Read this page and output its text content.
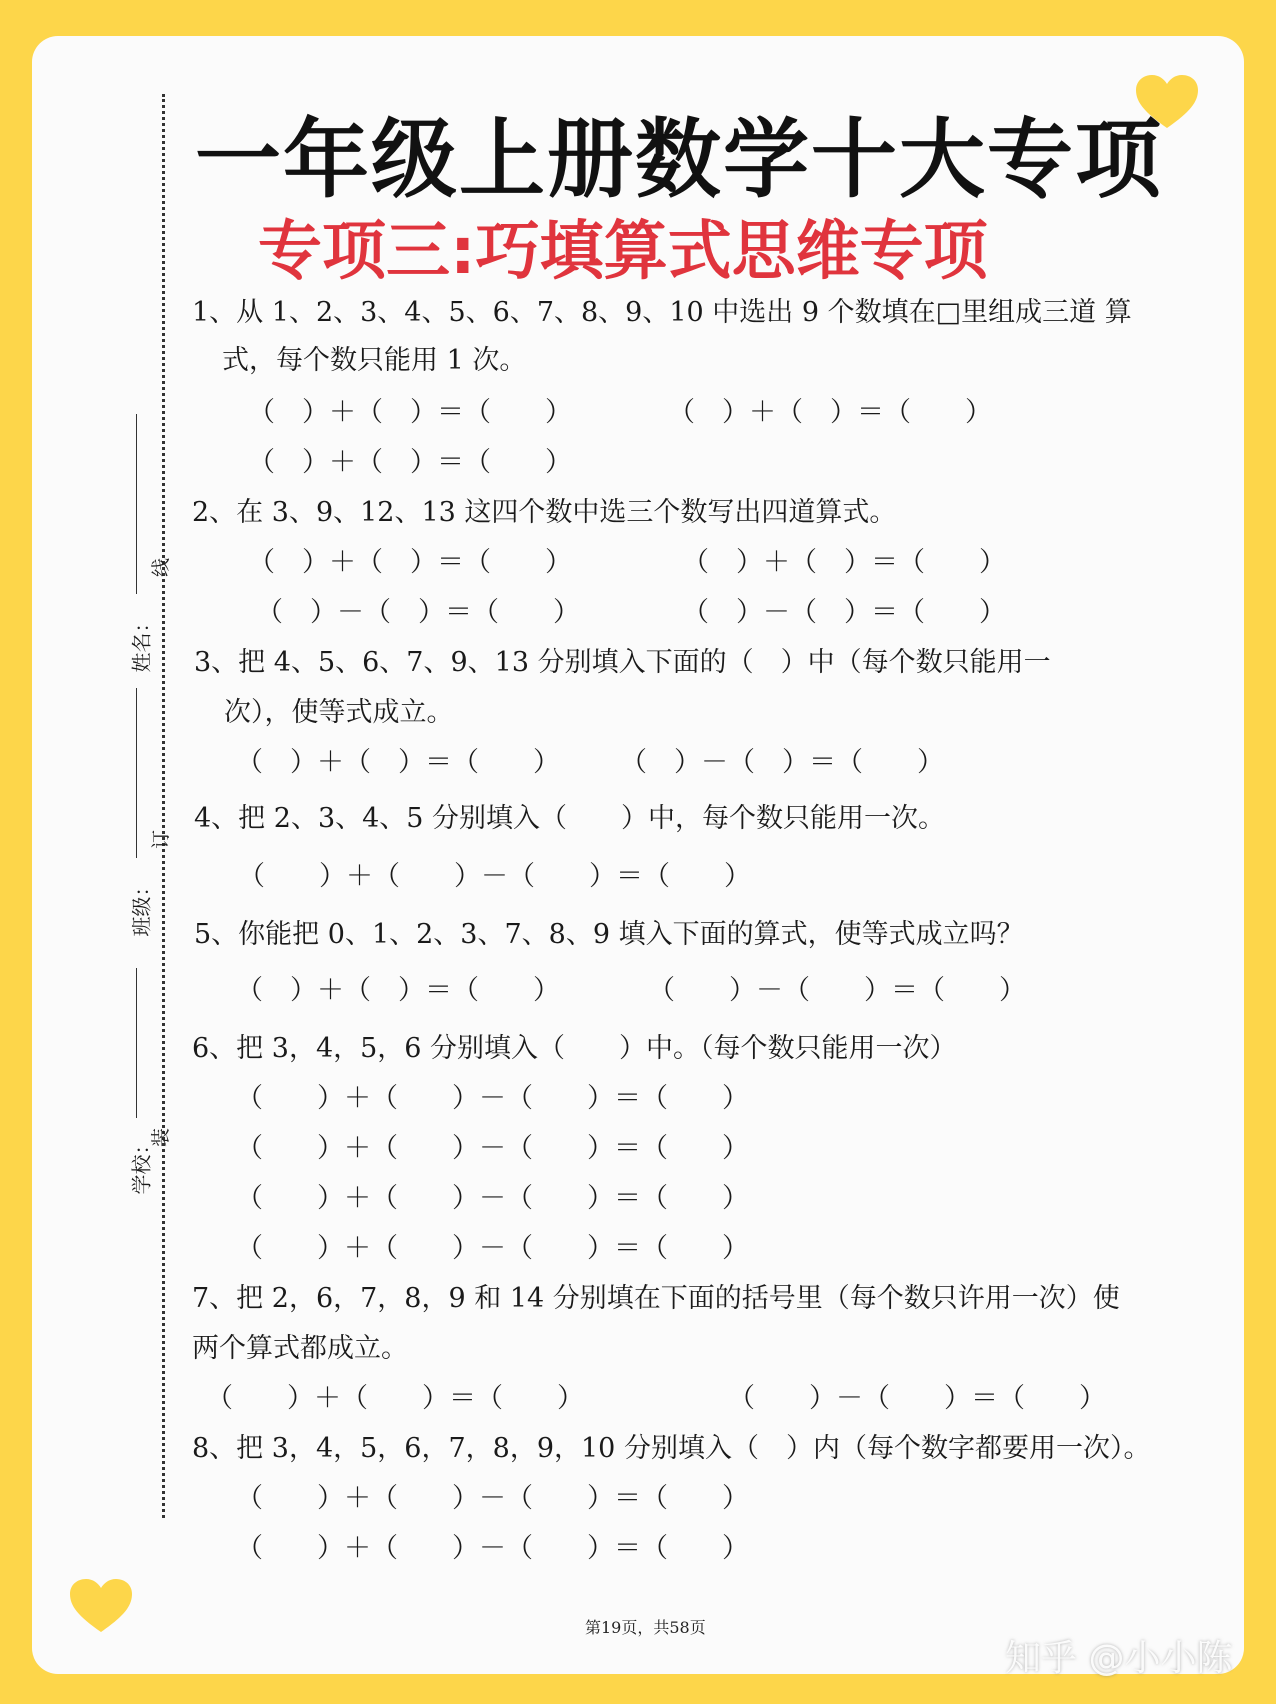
线
订
装
姓名：
班级：
学校：
一年级上册数学十大专项
专项三:巧填算式思维专项
1、从 1、2、3、4、5、6、7、8、9、10 中选出 9 个数填在□里组成三道 算
式，每个数只能用 1 次。
（　）＋（　）＝（　　）	（　）＋（　）＝（　　）
（　）＋（　）＝（　　）
2、在 3、9、12、13 这四个数中选三个数写出四道算式。
（　）＋（　）＝（　　）	（　）＋（　）＝（　　）
（　）－（　）＝（　　）	（　）－（　）＝（　　）
3、把 4、5、6、7、9、13 分别填入下面的（　）中（每个数只能用一
次），使等式成立。
（　）＋（　）＝（　　） （　）－（　）＝（　　）
4、把 2、3、4、5 分别填入（　　）中，每个数只能用一次。
（　　）＋（　　）－（　　）＝（　　）
5、你能把 0、1、2、3、7、8、9 填入下面的算式，使等式成立吗？
（　）＋（　）＝（　　）	（　　）－（　　）＝（　　）
6、把 3，4，5，6 分别填入（　　）中。（每个数只能用一次）
（　　）＋（　　）－（　　）＝（　　）
（　　）＋（　　）－（　　）＝（　　）
（　　）＋（　　）－（　　）＝（　　）
（　　）＋（　　）－（　　）＝（　　）
7、把 2，6，7，8，9 和 14 分别填在下面的括号里（每个数只许用一次）使
两个算式都成立。
（　　）＋（　　）＝（　　）	（　　）－（　　）＝（　　）
8、把 3，4，5，6，7，8，9，10 分别填入（　）内（每个数字都要用一次）。
（　　）＋（　　）－（　　）＝（　　）
（　　）＋（　　）－（　　）＝（　　）
第19页，共58页
知乎 @小小陈
